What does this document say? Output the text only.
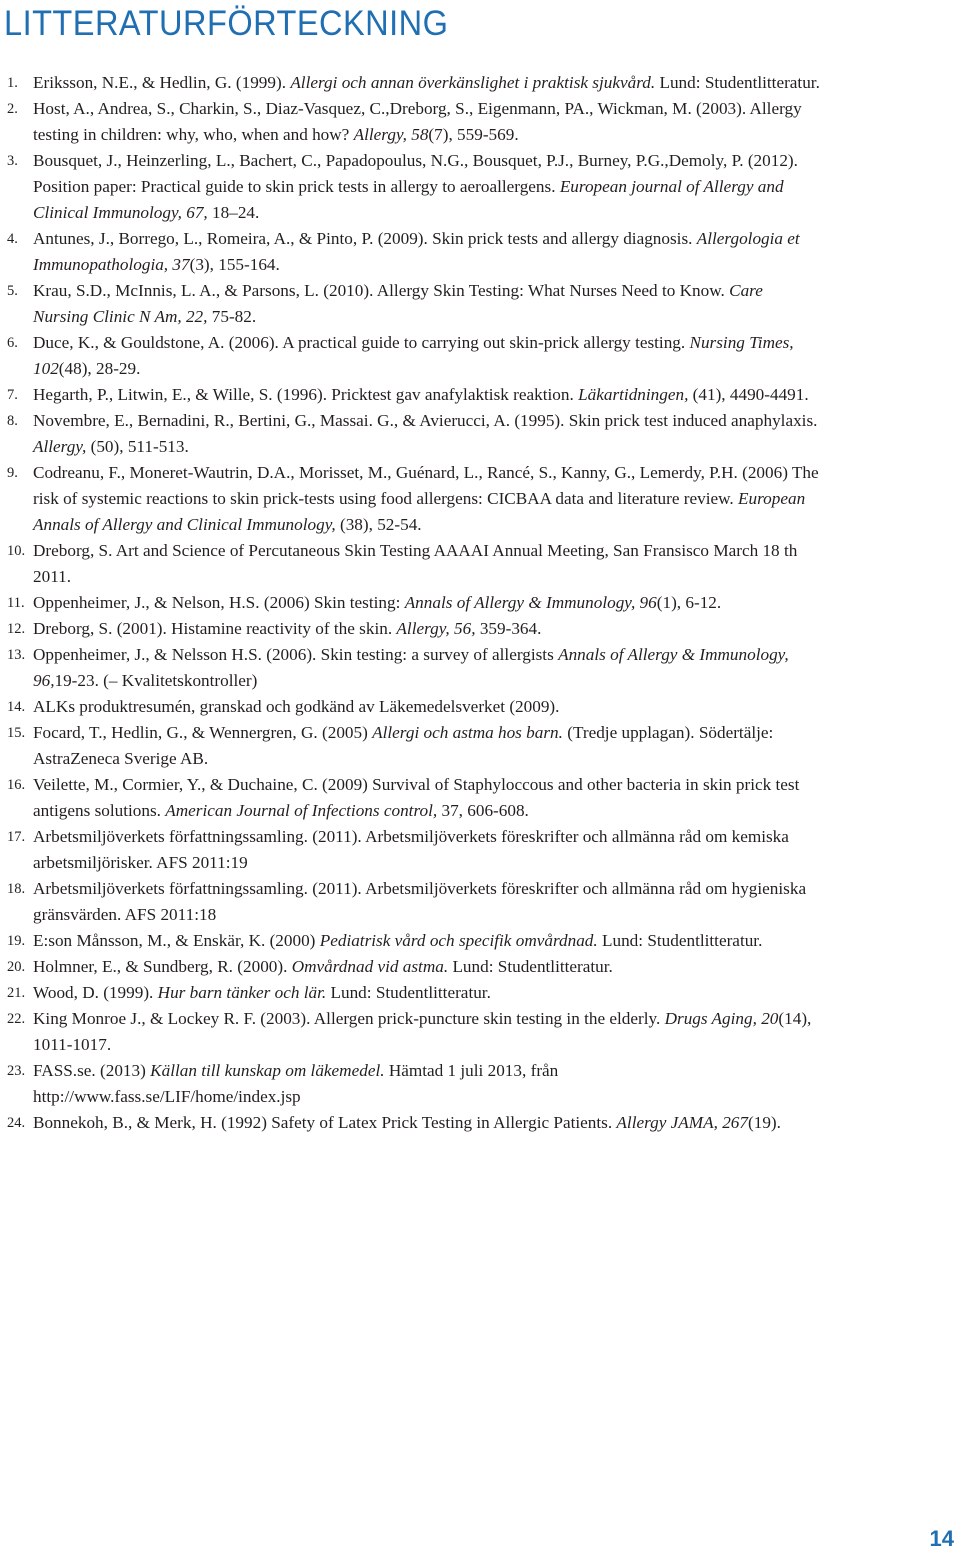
LITTERATURFÖRTECKNING
1. Eriksson, N.E., & Hedlin, G. (1999). Allergi och annan överkänslighet i praktisk sjukvård. Lund: Studentlitteratur.
2. Host, A., Andrea, S., Charkin, S., Diaz-Vasquez, C.,Dreborg, S., Eigenmann, PA., Wickman, M. (2003). Allergy testing in children: why, who, when and how? Allergy, 58(7), 559-569.
3. Bousquet, J., Heinzerling, L., Bachert, C., Papadopoulus, N.G., Bousquet, P.J., Burney, P.G.,Demoly, P. (2012). Position paper: Practical guide to skin prick tests in allergy to aeroallergens. European journal of Allergy and Clinical Immunology, 67, 18–24.
4. Antunes, J., Borrego, L., Romeira, A., & Pinto, P. (2009). Skin prick tests and allergy diagnosis. Allergologia et Immunopathologia, 37(3), 155-164.
5. Krau, S.D., McInnis, L. A., & Parsons, L. (2010). Allergy Skin Testing: What Nurses Need to Know. Care Nursing Clinic N Am, 22, 75-82.
6. Duce, K., & Gouldstone, A. (2006). A practical guide to carrying out skin-prick allergy testing. Nursing Times, 102(48), 28-29.
7. Hegarth, P., Litwin, E., & Wille, S. (1996). Pricktest gav anafylaktisk reaktion. Läkartidningen, (41), 4490-4491.
8. Novembre, E., Bernadini, R., Bertini, G., Massai. G., & Avierucci, A. (1995). Skin prick test induced anaphylaxis. Allergy, (50), 511-513.
9. Codreanu, F., Moneret-Wautrin, D.A., Morisset, M., Guénard, L., Rancé, S., Kanny, G., Lemerdy, P.H. (2006) The risk of systemic reactions to skin prick-tests using food allergens: CICBAA data and literature review. European Annals of Allergy and Clinical Immunology, (38), 52-54.
10. Dreborg, S. Art and Science of Percutaneous Skin Testing AAAAI Annual Meeting, San Fransisco March 18 th 2011.
11. Oppenheimer, J., & Nelson, H.S. (2006) Skin testing: Annals of Allergy & Immunology, 96(1), 6-12.
12. Dreborg, S. (2001). Histamine reactivity of the skin. Allergy, 56, 359-364.
13. Oppenheimer, J., & Nelsson H.S. (2006). Skin testing: a survey of allergists Annals of Allergy & Immunology, 96,19-23. (– Kvalitetskontroller)
14. ALKs produktresumén, granskad och godkänd av Läkemedelsverket (2009).
15. Focard, T., Hedlin, G., & Wennergren, G. (2005) Allergi och astma hos barn. (Tredje upplagan). Södertälje: AstraZeneca Sverige AB.
16. Veilette, M., Cormier, Y., & Duchaine, C. (2009) Survival of Staphyloccous and other bacteria in skin prick test antigens solutions. American Journal of Infections control, 37, 606-608.
17. Arbetsmiljöverkets författningssamling. (2011). Arbetsmiljöverkets föreskrifter och allmänna råd om kemiska arbetsmiljörisker. AFS 2011:19
18. Arbetsmiljöverkets författningssamling. (2011). Arbetsmiljöverkets föreskrifter och allmänna råd om hygieniska gränsvärden. AFS 2011:18
19. E:son Månsson, M., & Enskär, K. (2000) Pediatrisk vård och specifik omvårdnad. Lund: Studentlitteratur.
20. Holmner, E., & Sundberg, R. (2000). Omvårdnad vid astma. Lund: Studentlitteratur.
21. Wood, D. (1999). Hur barn tänker och lär. Lund: Studentlitteratur.
22. King Monroe J., & Lockey R. F. (2003). Allergen prick-puncture skin testing in the elderly. Drugs Aging, 20(14), 1011-1017.
23. FASS.se. (2013) Källan till kunskap om läkemedel. Hämtad 1 juli 2013, från http://www.fass.se/LIF/home/index.jsp
24. Bonnekoh, B., & Merk, H. (1992) Safety of Latex Prick Testing in Allergic Patients. Allergy JAMA, 267(19).
14
